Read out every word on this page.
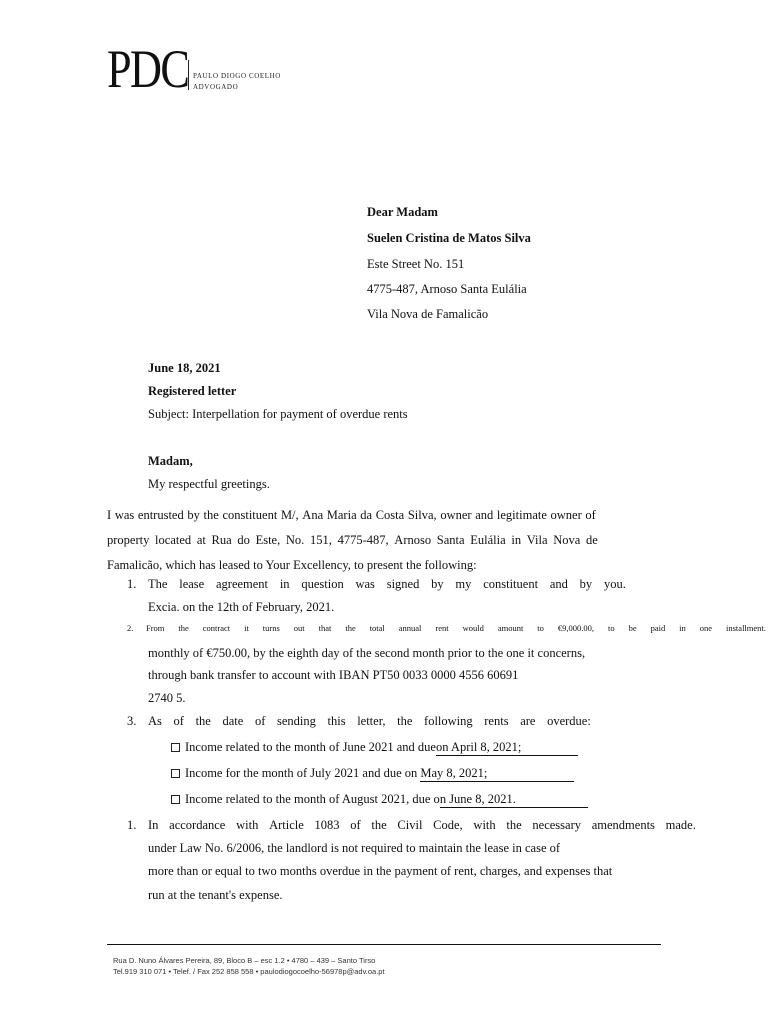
PDC PAULO DIOGO COELHO
ADVOGADO
Dear Madam
Suelen Cristina de Matos Silva
Este Street No. 151
4775-487, Arnoso Santa Eulália
Vila Nova de Famalicão
June 18, 2021
Registered letter
Subject: Interpellation for payment of overdue rents
Madam,
My respectful greetings.
I was entrusted by the constituent M/, Ana Maria da Costa Silva, owner and legitimate owner of
property located at Rua do Este, No. 151, 4775-487, Arnoso Santa Eulália in Vila Nova de
Famalicão, which has leased to Your Excellency, to present the following:
1. The lease agreement in question was signed by my constituent and by you.
Excia. on the 12th of February, 2021.
2. From the contract it turns out that the total annual rent would amount to €9,000.00, to be paid in one installment.
monthly of €750.00, by the eighth day of the second month prior to the one it concerns,
through bank transfer to account with IBAN PT50 0033 0000 4556 60691
2740 5.
3. As of the date of sending this letter, the following rents are overdue:
Income related to the month of June 2021 and dueon April 8, 2021;
Income for the month of July 2021 and due on May 8, 2021;
Income related to the month of August 2021, due on June 8, 2021.
1. In accordance with Article 1083 of the Civil Code, with the necessary amendments made.
under Law No. 6/2006, the landlord is not required to maintain the lease in case of
more than or equal to two months overdue in the payment of rent, charges, and expenses that
run at the tenant's expense.
Rua D. Nuno Álvares Pereira, 89, Bloco B – esc 1.2 • 4780 – 439 – Santo Tirso
Tel.919 310 071 • Telef. / Fax 252 858 558 • paulodiogocoelho-56978p@adv.oa.pt
